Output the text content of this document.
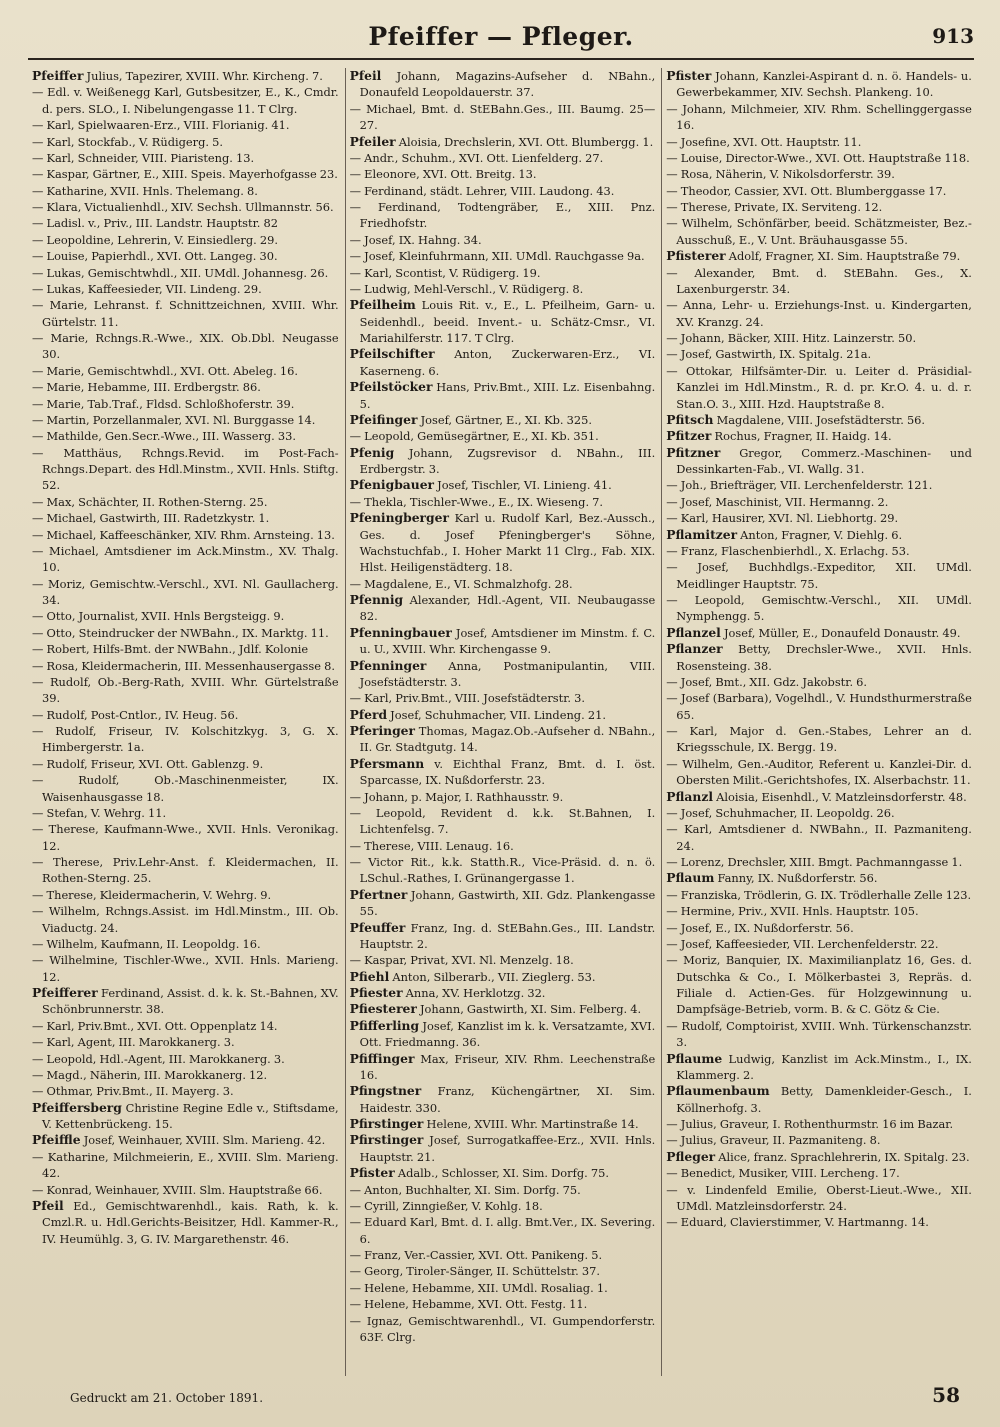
Pfeiffer — Pfleger.	913

Pfeiffer Julius, Tapezirer, XVIII. Whr. Kircheng. 7.

— Edl. v. Weißenegg Karl, Gutsbesitzer, E., K., Cmdr. d. pers. SLO., I. Nibelungengasse 11. T Clrg.

— Karl, Spielwaaren-Erz., VIII. Florianig. 41.

— Karl, Stockfab., V. Rüdigerg. 5.

— Karl, Schneider, VIII. Piaristeng. 13.

— Kaspar, Gärtner, E., XIII. Speis. Mayerhofgasse 23.

— Katharine, XVII. Hnls. Thelemang. 8.

— Klara, Victualienhdl., XIV. Sechsh. Ullmannstr. 56.

— Ladisl. v., Priv., III. Landstr. Hauptstr. 82

— Leopoldine, Lehrerin, V. Einsiedlerg. 29.

— Louise, Papierhdl., XVI. Ott. Langeg. 30.

— Lukas, Gemischtwhdl., XII. UMdl. Johannesg. 26.

— Lukas, Kaffeesieder, VII. Lindeng. 29.

— Marie, Lehranst. f. Schnittzeichnen, XVIII. Whr. Gürtelstr. 11.

— Marie, Rchngs.R.-Wwe., XIX. Ob.Dbl. Neugasse 30.

— Marie, Gemischtwhdl., XVI. Ott. Abeleg. 16.

— Marie, Hebamme, III. Erdbergstr. 86.

— Marie, Tab.Traf., Fldsd. Schloßhoferstr. 39.

— Martin, Porzellanmaler, XVI. Nl. Burggasse 14.

— Mathilde, Gen.Secr.-Wwe., III. Wasserg. 33.

— Matthäus, Rchngs.Revid. im Post-Fach-Rchngs.Depart. des Hdl.Minstm., XVII. Hnls. Stiftg. 52.

— Max, Schächter, II. Rothen-Sterng. 25.

— Michael, Gastwirth, III. Radetzkystr. 1.

— Michael, Kaffeeschänker, XIV. Rhm. Arnsteing. 13.

— Michael, Amtsdiener im Ack.Minstm., XV. Thalg. 10.

— Moriz, Gemischtw.-Verschl., XVI. Nl. Gaullacherg. 34.

— Otto, Journalist, XVII. Hnls Bergsteigg. 9.

— Otto, Steindrucker der NWBahn., IX. Marktg. 11.

— Robert, Hilfs-Bmt. der NWBahn., Jdlf. Kolonie

— Rosa, Kleidermacherin, III. Messenhausergasse 8.

— Rudolf, Ob.-Berg-Rath, XVIII. Whr. Gürtelstraße 39.

— Rudolf, Post-Cntlor., IV. Heug. 56.

— Rudolf, Friseur, IV. Kolschitzkyg. 3, G. X. Himbergerstr. 1a.

— Rudolf, Friseur, XVI. Ott. Gablenzg. 9.

— Rudolf, Ob.-Maschinenmeister, IX. Waisenhausgasse 18.

— Stefan, V. Wehrg. 11.

— Therese, Kaufmann-Wwe., XVII. Hnls. Veronikag. 12.

— Therese, Priv.Lehr-Anst. f. Kleidermachen, II. Rothen-Sterng. 25.

— Therese, Kleidermacherin, V. Wehrg. 9.

— Wilhelm, Rchngs.Assist. im Hdl.Minstm., III. Ob. Viaductg. 24.

— Wilhelm, Kaufmann, II. Leopoldg. 16.

— Wilhelmine, Tischler-Wwe., XVII. Hnls. Marieng. 12.

Pfeifferer Ferdinand, Assist. d. k. k. St.-Bahnen, XV. Schönbrunnerstr. 38.

— Karl, Priv.Bmt., XVI. Ott. Oppenplatz 14.

— Karl, Agent, III. Marokkanerg. 3.

— Leopold, Hdl.-Agent, III. Marokkanerg. 3.

— Magd., Näherin, III. Marokkanerg. 12.

— Othmar, Priv.Bmt., II. Mayerg. 3.

Pfeiffersberg Christine Regine Edle v., Stiftsdame, V. Kettenbrückeng. 15.

Pfeiffle Josef, Weinhauer, XVIII. Slm. Marieng. 42.

— Katharine, Milchmeierin, E., XVIII. Slm. Marieng. 42.

— Konrad, Weinhauer, XVIII. Slm. Hauptstraße 66.

Pfeil Ed., Gemischtwarenhdl., kais. Rath, k. k. Cmzl.R. u. Hdl.Gerichts-Beisitzer, Hdl. Kammer-R., IV. Heumühlg. 3, G. IV. Margarethenstr. 46.

Pfeil Johann, Magazins-Aufseher d. NBahn., Donaufeld Leopoldauerstr. 37.

— Michael, Bmt. d. StEBahn.Ges., III. Baumg. 25—27.

Pfeiler Aloisia, Drechslerin, XVI. Ott. Blumbergg. 1.

— Andr., Schuhm., XVI. Ott. Lienfelderg. 27.

— Eleonore, XVI. Ott. Breitg. 13.

— Ferdinand, städt. Lehrer, VIII. Laudong. 43.

— Ferdinand, Todtengräber, E., XIII. Pnz. Friedhofstr.

— Josef, IX. Hahng. 34.

— Josef, Kleinfuhrmann, XII. UMdl. Rauchgasse 9a.

— Karl, Scontist, V. Rüdigerg. 19.

— Ludwig, Mehl-Verschl., V. Rüdigerg. 8.

Pfeilheim Louis Rit. v., E., L. Pfeilheim, Garn- u. Seidenhdl., beeid. Invent.- u. Schätz-Cmsr., VI. Mariahilferstr. 117. T Clrg.

Pfeilschifter Anton, Zuckerwaren-Erz., VI. Kaserneng. 6.

Pfeilstöcker Hans, Priv.Bmt., XIII. Lz. Eisenbahng. 5.

Pfeifinger Josef, Gärtner, E., XI. Kb. 325.

— Leopold, Gemüsegärtner, E., XI. Kb. 351.

Pfenig Johann, Zugsrevisor d. NBahn., III. Erdbergstr. 3.

Pfenigbauer Josef, Tischler, VI. Linieng. 41.

— Thekla, Tischler-Wwe., E., IX. Wieseng. 7.

Pfeningberger Karl u. Rudolf Karl, Bez.-Aussch., Ges. d. Josef Pfeningberger's Söhne, Wachstuchfab., I. Hoher Markt 11 Clrg., Fab. XIX. Hlst. Heiligenstädterg. 18.

— Magdalene, E., VI. Schmalzhofg. 28.

Pfennig Alexander, Hdl.-Agent, VII. Neubaugasse 82.

Pfenningbauer Josef, Amtsdiener im Minstm. f. C. u. U., XVIII. Whr. Kirchengasse 9.

Pfenninger Anna, Postmanipulantin, VIII. Josefstädterstr. 3.

— Karl, Priv.Bmt., VIII. Josefstädterstr. 3.

Pferd Josef, Schuhmacher, VII. Lindeng. 21.

Pferinger Thomas, Magaz.Ob.-Aufseher d. NBahn., II. Gr. Stadtgutg. 14.

Pfersmann v. Eichthal Franz, Bmt. d. I. öst. Sparcasse, IX. Nußdorferstr. 23.

— Johann, p. Major, I. Rathhausstr. 9.

— Leopold, Revident d. k.k. St.Bahnen, I. Lichtenfelsg. 7.

— Therese, VIII. Lenaug. 16.

— Victor Rit., k.k. Statth.R., Vice-Präsid. d. n. ö. LSchul.-Rathes, I. Grünangergasse 1.

Pfertner Johann, Gastwirth, XII. Gdz. Plankengasse 55.

Pfeuffer Franz, Ing. d. StEBahn.Ges., III. Landstr. Hauptstr. 2.

— Kaspar, Privat, XVI. Nl. Menzelg. 18.

Pfiehl Anton, Silberarb., VII. Zieglerg. 53.

Pfiester Anna, XV. Herklotzg. 32.

Pfiesterer Johann, Gastwirth, XI. Sim. Felberg. 4.

Pfifferling Josef, Kanzlist im k. k. Versatzamte, XVI. Ott. Friedmanng. 36.

Pfiffinger Max, Friseur, XIV. Rhm. Leechenstraße 16.

Pfingstner Franz, Küchengärtner, XI. Sim. Haidestr. 330.

Pfirstinger Helene, XVIII. Whr. Martinstraße 14.

Pfirstinger Josef, Surrogatkaffee-Erz., XVII. Hnls. Hauptstr. 21.

Pfister Adalb., Schlosser, XI. Sim. Dorfg. 75.

— Anton, Buchhalter, XI. Sim. Dorfg. 75.

— Cyrill, Zinngießer, V. Kohlg. 18.

— Eduard Karl, Bmt. d. I. allg. Bmt.Ver., IX. Severing. 6.

— Franz, Ver.-Cassier, XVI. Ott. Panikeng. 5.

— Georg, Tiroler-Sänger, II. Schüttelstr. 37.

— Helene, Hebamme, XII. UMdl. Rosaliag. 1.

— Helene, Hebamme, XVI. Ott. Festg. 11.

— Ignaz, Gemischtwarenhdl., VI. Gumpendorferstr. 63F. Clrg.

Pfister Johann, Kanzlei-Aspirant d. n. ö. Handels- u. Gewerbekammer, XIV. Sechsh. Plankeng. 10.

— Johann, Milchmeier, XIV. Rhm. Schellinggergasse 16.

— Josefine, XVI. Ott. Hauptstr. 11.

— Louise, Director-Wwe., XVI. Ott. Hauptstraße 118.

— Rosa, Näherin, V. Nikolsdorferstr. 39.

— Theodor, Cassier, XVI. Ott. Blumberggasse 17.

— Therese, Private, IX. Serviteng. 12.

— Wilhelm, Schönfärber, beeid. Schätzmeister, Bez.-Ausschuß, E., V. Unt. Bräuhausgasse 55.

Pfisterer Adolf, Fragner, XI. Sim. Hauptstraße 79.

— Alexander, Bmt. d. StEBahn. Ges., X. Laxenburgerstr. 34.

— Anna, Lehr- u. Erziehungs-Inst. u. Kindergarten, XV. Kranzg. 24.

— Johann, Bäcker, XIII. Hitz. Lainzerstr. 50.

— Josef, Gastwirth, IX. Spitalg. 21a.

— Ottokar, Hilfsämter-Dir. u. Leiter d. Präsidial-Kanzlei im Hdl.Minstm., R. d. pr. Kr.O. 4. u. d. r. Stan.O. 3., XIII. Hzd. Hauptstraße 8.

Pfitsch Magdalene, VIII. Josefstädterstr. 56.

Pfitzer Rochus, Fragner, II. Haidg. 14.

Pfitzner Gregor, Commerz.-Maschinen- und Dessinkarten-Fab., VI. Wallg. 31.

— Joh., Briefträger, VII. Lerchenfelderstr. 121.

— Josef, Maschinist, VII. Hermanng. 2.

— Karl, Hausirer, XVI. Nl. Liebhortg. 29.

Pflamitzer Anton, Fragner, V. Diehlg. 6.

— Franz, Flaschenbierhdl., X. Erlachg. 53.

— Josef, Buchhdlgs.-Expeditor, XII. UMdl. Meidlinger Hauptstr. 75.

— Leopold, Gemischtw.-Verschl., XII. UMdl. Nymphengg. 5.

Pflanzel Josef, Müller, E., Donaufeld Donaustr. 49.

Pflanzer Betty, Drechsler-Wwe., XVII. Hnls. Rosensteing. 38.

— Josef, Bmt., XII. Gdz. Jakobstr. 6.

— Josef (Barbara), Vogelhdl., V. Hundsthurmerstraße 65.

— Karl, Major d. Gen.-Stabes, Lehrer an d. Kriegsschule, IX. Bergg. 19.

— Wilhelm, Gen.-Auditor, Referent u. Kanzlei-Dir. d. Obersten Milit.-Gerichtshofes, IX. Alserbachstr. 11.

Pflanzl Aloisia, Eisenhdl., V. Matzleinsdorferstr. 48.

— Josef, Schuhmacher, II. Leopoldg. 26.

— Karl, Amtsdiener d. NWBahn., II. Pazmaniteng. 24.

— Lorenz, Drechsler, XIII. Bmgt. Pachmanngasse 1.

Pflaum Fanny, IX. Nußdorferstr. 56.

— Franziska, Trödlerin, G. IX. Trödlerhalle Zelle 123.

— Hermine, Priv., XVII. Hnls. Hauptstr. 105.

— Josef, E., IX. Nußdorferstr. 56.

— Josef, Kaffeesieder, VII. Lerchenfelderstr. 22.

— Moriz, Banquier, IX. Maximilianplatz 16, Ges. d. Dutschka & Co., I. Mölkerbastei 3, Repräs. d. Filiale d. Actien-Ges. für Holzgewinnung u. Dampfsäge-Betrieb, vorm. B. & C. Götz & Cie.

— Rudolf, Comptoirist, XVIII. Wnh. Türkenschanzstr. 3.

Pflaume Ludwig, Kanzlist im Ack.Minstm., I., IX. Klammerg. 2.

Pflaumenbaum Betty, Damenkleider-Gesch., I. Köllnerhofg. 3.

— Julius, Graveur, I. Rothenthurmstr. 16 im Bazar.

— Julius, Graveur, II. Pazmaniteng. 8.

Pfleger Alice, franz. Sprachlehrerin, IX. Spitalg. 23.

— Benedict, Musiker, VIII. Lercheng. 17.

— v. Lindenfeld Emilie, Oberst-Lieut.-Wwe., XII. UMdl. Matzleinsdorferstr. 24.

— Eduard, Clavierstimmer, V. Hartmanng. 14.

Gedruckt am 21. October 1891.	58
